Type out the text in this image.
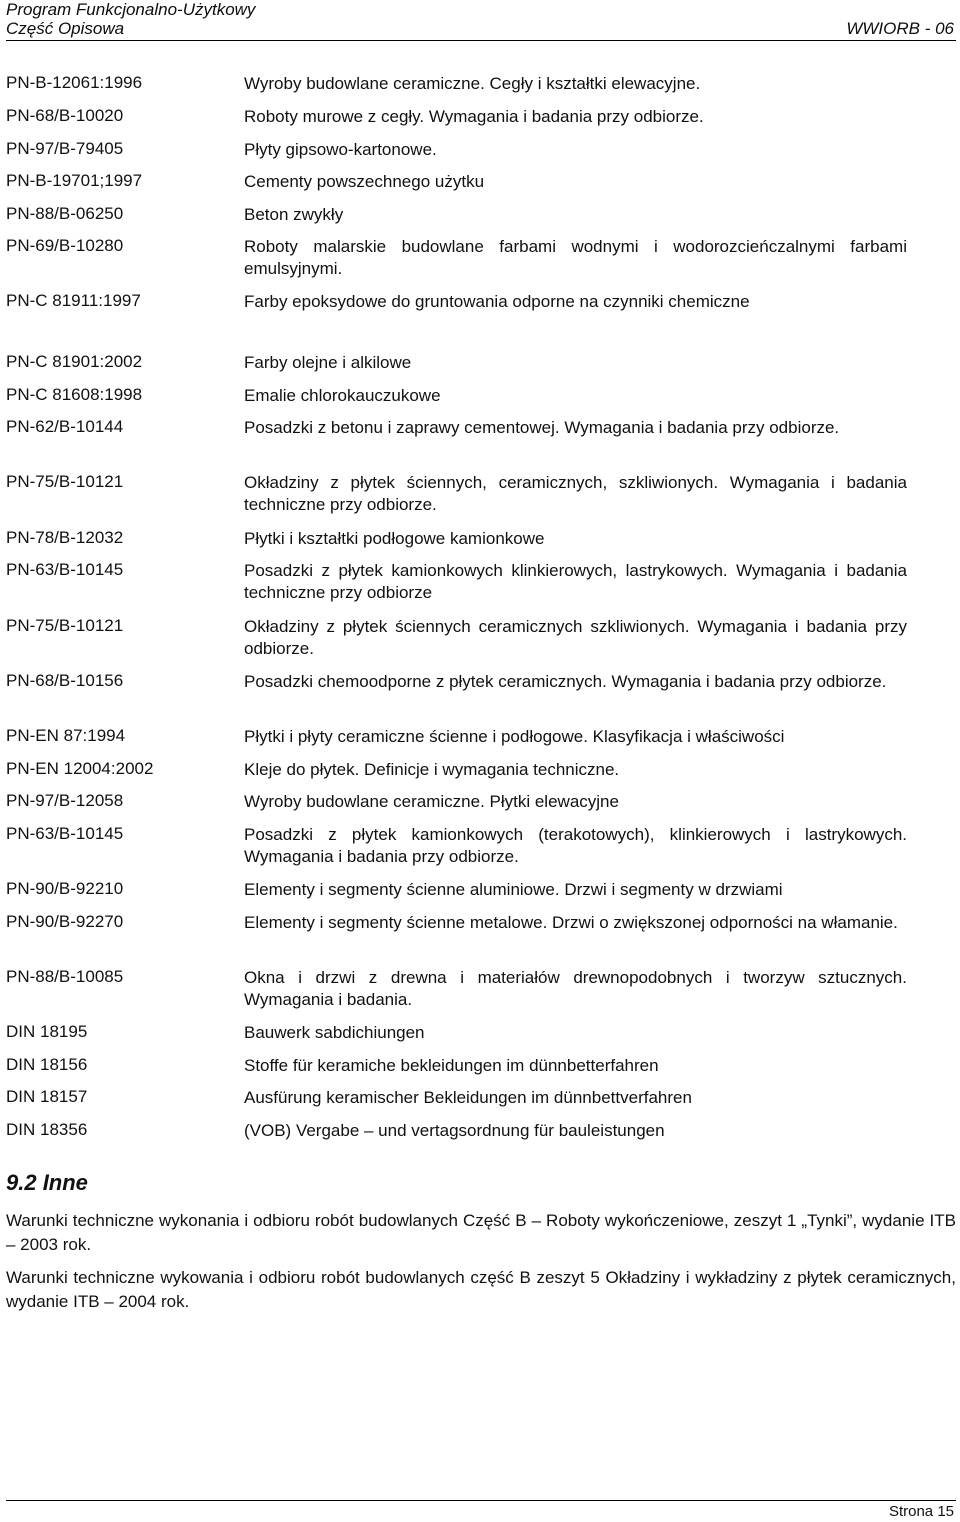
Program Funkcjonalno-Użytkowy
Część Opisowa	WWIORB - 06
PN-B-12061:1996	Wyroby budowlane ceramiczne. Cegły i kształtki elewacyjne.
PN-68/B-10020	Roboty murowe z cegły. Wymagania i badania przy odbiorze.
PN-97/B-79405	Płyty gipsowo-kartonowe.
PN-B-19701;1997	Cementy powszechnego użytku
PN-88/B-06250	Beton zwykły
PN-69/B-10280	Roboty malarskie budowlane farbami wodnymi i wodorozcieńczalnymi farbami emulsyjnymi.
PN-C 81911:1997	Farby epoksydowe do gruntowania odporne na czynniki chemiczne
PN-C 81901:2002	Farby olejne i alkilowe
PN-C 81608:1998	Emalie chlorokauczukowe
PN-62/B-10144	Posadzki z betonu i zaprawy cementowej. Wymagania i badania przy odbiorze.
PN-75/B-10121	Okładziny z płytek ściennych, ceramicznych, szkliwionych. Wymagania i badania techniczne przy odbiorze.
PN-78/B-12032	Płytki i kształtki podłogowe kamionkowe
PN-63/B-10145	Posadzki z płytek kamionkowych klinkierowych, lastrykowych. Wymagania i badania techniczne przy odbiorze
PN-75/B-10121	Okładziny z płytek ściennych ceramicznych szkliwionych. Wymagania i badania przy odbiorze.
PN-68/B-10156	Posadzki chemoodporne z płytek ceramicznych. Wymagania i badania przy odbiorze.
PN-EN 87:1994	Płytki i płyty ceramiczne ścienne i podłogowe. Klasyfikacja i właściwości
PN-EN 12004:2002	Kleje do płytek. Definicje i wymagania techniczne.
PN-97/B-12058	Wyroby budowlane ceramiczne. Płytki elewacyjne
PN-63/B-10145	Posadzki z płytek kamionkowych (terakotowych), klinkierowych i lastrykowych. Wymagania i badania przy odbiorze.
PN-90/B-92210	Elementy i segmenty ścienne aluminiowe. Drzwi i segmenty w drzwiami
PN-90/B-92270	Elementy i segmenty ścienne metalowe. Drzwi o zwiększonej odporności na włamanie.
PN-88/B-10085	Okna i drzwi z drewna i materiałów drewnopodobnych i tworzyw sztucznych. Wymagania i badania.
DIN 18195	Bauwerk sabdichiungen
DIN 18156	Stoffe für keramiche bekleidungen im dünnbetterfahren
DIN 18157	Ausfürung keramischer Bekleidungen im dünnbettverfahren
DIN 18356	(VOB) Vergabe – und vertagsordnung für bauleistungen
9.2 Inne
Warunki techniczne wykonania i odbioru robót budowlanych Część B – Roboty wykończeniowe, zeszyt 1 „Tynki”, wydanie ITB – 2003 rok.
Warunki techniczne wykowania i odbioru robót budowlanych część B zeszyt 5 Okładziny i wykładziny z płytek ceramicznych, wydanie ITB – 2004 rok.
Strona 15
